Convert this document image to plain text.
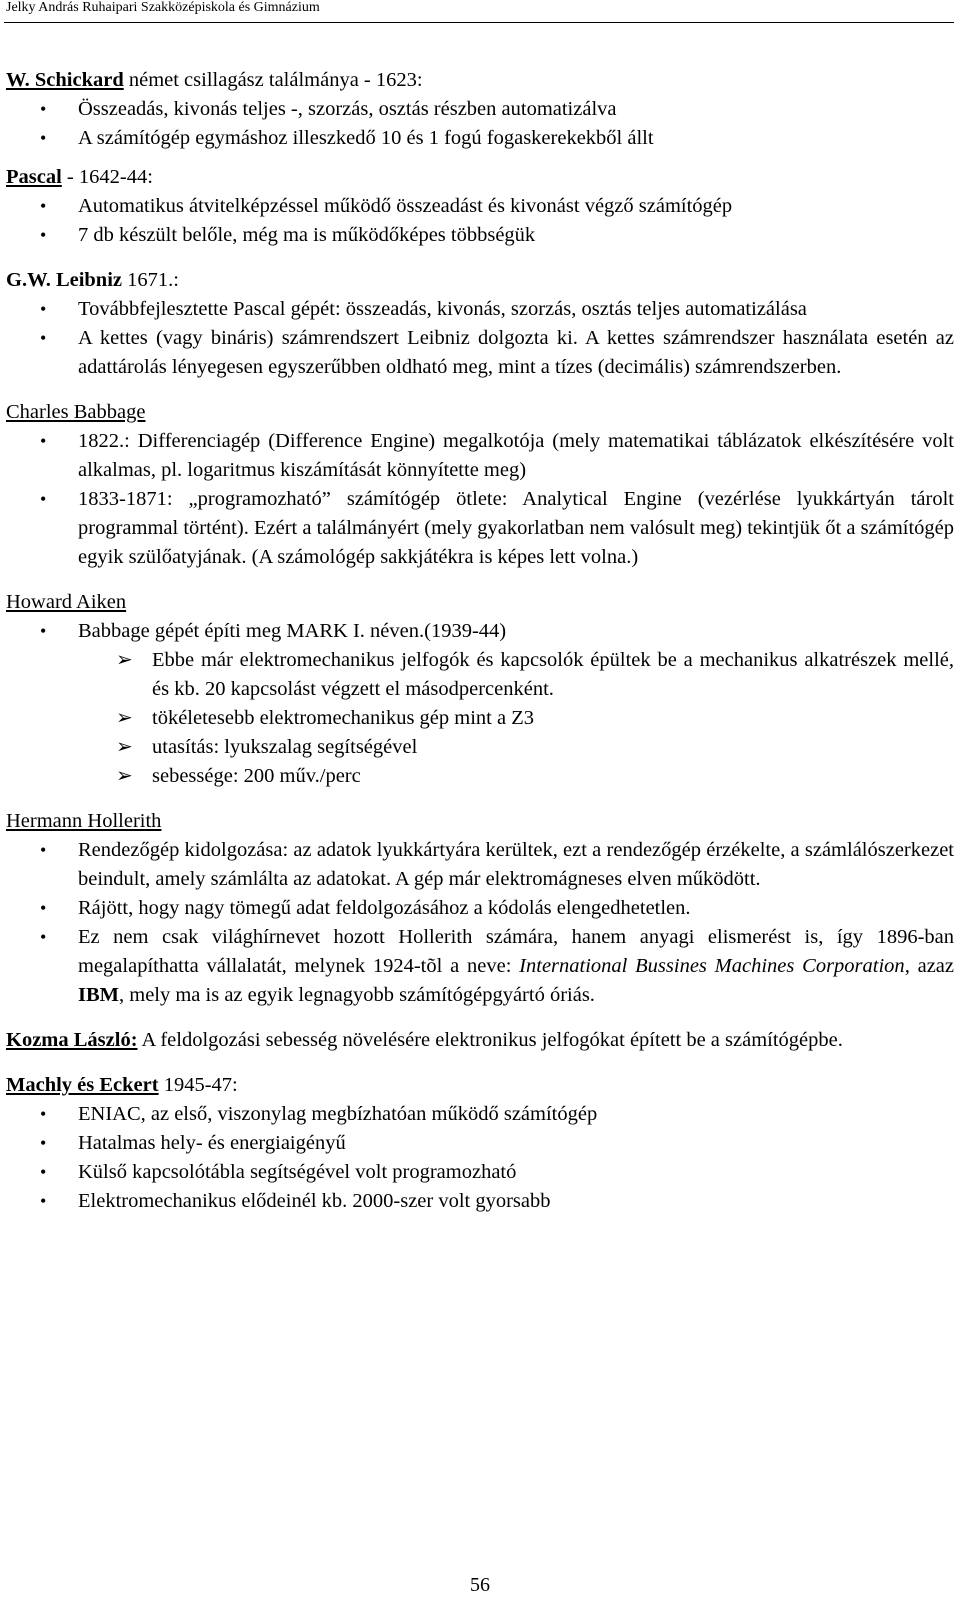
Jelky András Ruhaipari Szakközépiskola és Gimnázium

W. Schickard német csillagász találmánya - 1623:

• Összeadás, kivonás teljes -, szorzás, osztás részben automatizálva
• A számítógép egymáshoz illeszkedő 10 és 1 fogú fogaskerekekből állt

Pascal - 1642-44:

• Automatikus átvitelképzéssel működő összeadást és kivonást végző számítógép
• 7 db készült belőle, még ma is működőképes többségük

G.W. Leibniz 1671.:

• Továbbfejlesztette Pascal gépét: összeadás, kivonás, szorzás, osztás teljes automatizálása
• A kettes (vagy bináris) számrendszert Leibniz dolgozta ki. A kettes számrendszer használata esetén az adattárolás lényegesen egyszerűbben oldható meg, mint a tízes (decimális) számrendszerben.

Charles Babbage

• 1822.: Differenciagép (Difference Engine) megalkotója (mely matematikai táblázatok elkészítésére volt alkalmas, pl. logaritmus kiszámítását könnyítette meg)
• 1833-1871: „programozható” számítógép ötlete: Analytical Engine (vezérlése lyukkártyán tárolt programmal történt). Ezért a találmányért (mely gyakorlatban nem valósult meg) tekintjük őt a számítógép egyik szülőatyjának. (A számológép sakkjátékra is képes lett volna.)

Howard Aiken

• Babbage gépét építi meg MARK I. néven.(1939-44)
➢ Ebbe már elektromechanikus jelfogók és kapcsolók épültek be a mechanikus alkatrészek mellé, és kb. 20 kapcsolást végzett el másodpercenként.
➢ tökéletesebb elektromechanikus gép mint a Z3
➢ utasítás: lyukszalag segítségével
➢ sebessége: 200 műv./perc

Hermann Hollerith

• Rendezőgép kidolgozása: az adatok lyukkártyára kerültek, ezt a rendezőgép érzékelte, a számlálószerkezet beindult, amely számlálta az adatokat. A gép már elektromágneses elven működött.
• Rájött, hogy nagy tömegű adat feldolgozásához a kódolás elengedhetetlen.
• Ez nem csak világhírnevet hozott Hollerith számára, hanem anyagi elismerést is, így 1896-ban megalapíthatta vállalatát, melynek 1924-tõl a neve: International Bussines Machines Corporation, azaz IBM, mely ma is az egyik legnagyobb számítógépgyártó óriás.

Kozma László: A feldolgozási sebesség növelésére elektronikus jelfogókat épített be a számítógépbe.

Machly és Eckert 1945-47:

• ENIAC, az első, viszonylag megbízhatóan működő számítógép
• Hatalmas hely- és energiaigényű
• Külső kapcsolótábla segítségével volt programozható
• Elektromechanikus elődeinél kb. 2000-szer volt gyorsabb
56
